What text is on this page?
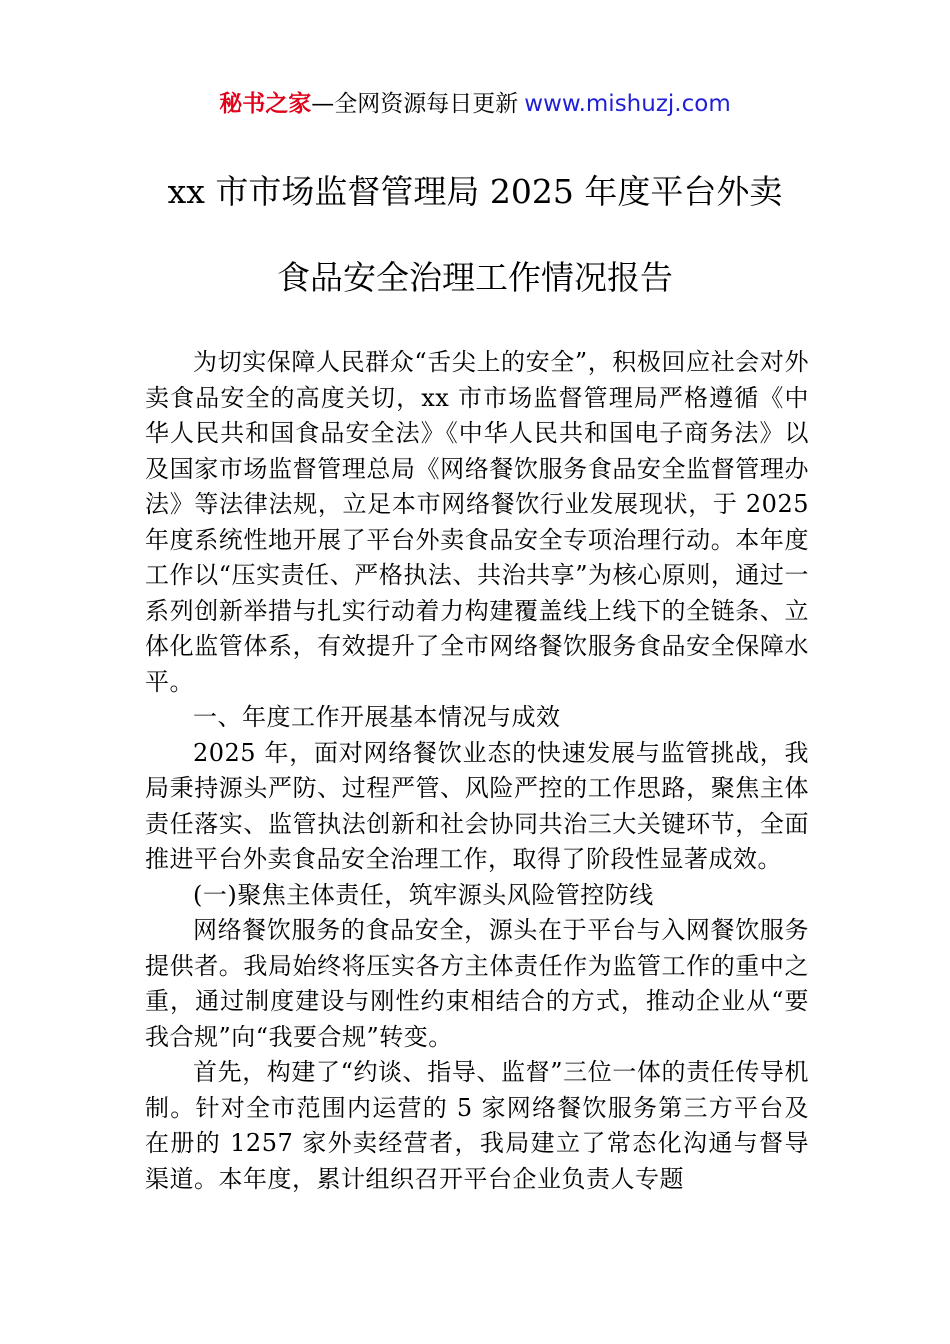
秘书之家—全网资源每日更新 www.mishuzj.com
xx 市市场监督管理局 2025 年度平台外卖
食品安全治理工作情况报告

为切实保障人民群众“舌尖上的安全”，积极回应社会对外卖食品安全的高度关切，xx 市市场监督管理局严格遵循《中华人民共和国食品安全法》《中华人民共和国电子商务法》以及国家市场监督管理总局《网络餐饮服务食品安全监督管理办法》等法律法规，立足本市网络餐饮行业发展现状，于 2025 年度系统性地开展了平台外卖食品安全专项治理行动。本年度工作以“压实责任、严格执法、共治共享”为核心原则，通过一系列创新举措与扎实行动着力构建覆盖线上线下的全链条、立体化监管体系，有效提升了全市网络餐饮服务食品安全保障水平。

一、年度工作开展基本情况与成效

2025 年，面对网络餐饮业态的快速发展与监管挑战，我局秉持源头严防、过程严管、风险严控的工作思路，聚焦主体责任落实、监管执法创新和社会协同共治三大关键环节，全面推进平台外卖食品安全治理工作，取得了阶段性显著成效。

(一)聚焦主体责任，筑牢源头风险管控防线

网络餐饮服务的食品安全，源头在于平台与入网餐饮服务提供者。我局始终将压实各方主体责任作为监管工作的重中之重，通过制度建设与刚性约束相结合的方式，推动企业从“要我合规”向“我要合规”转变。

首先，构建了“约谈、指导、监督”三位一体的责任传导机制。针对全市范围内运营的 5 家网络餐饮服务第三方平台及在册的 1257 家外卖经营者，我局建立了常态化沟通与督导渠道。本年度，累计组织召开平台企业负责人专题
